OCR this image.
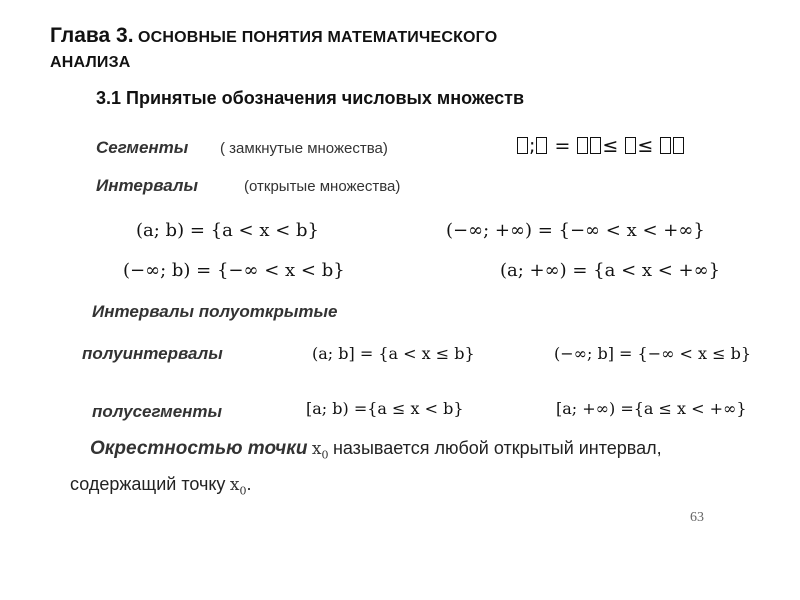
Глава 3. ОСНОВНЫЕ ПОНЯТИЯ МАТЕМАТИЧЕСКОГО
АНАЛИЗА
3.1 Принятые обозначения числовых множеств
Сегменты ( замкнутые множества)	; = ≤ ≤
Интервалы	(открытые множества)
(a; b) = {a < x < b}	(−∞; +∞) = {−∞ < x < +∞}
(−∞; b) = {−∞ < x < b}	(a; +∞) = {a < x < +∞}
Интервалы полуоткрытые
полуинтервалы	(a; b] = {a < x ≤ b}	(−∞; b] = {−∞ < x ≤ b}
полусегменты	[a; b) ={a ≤ x < b}	[a; +∞) ={a ≤ x < +∞}
Окрестностью точки $x_0$ называется любой открытый интервал,
содержащий точку $x_0$.
63
